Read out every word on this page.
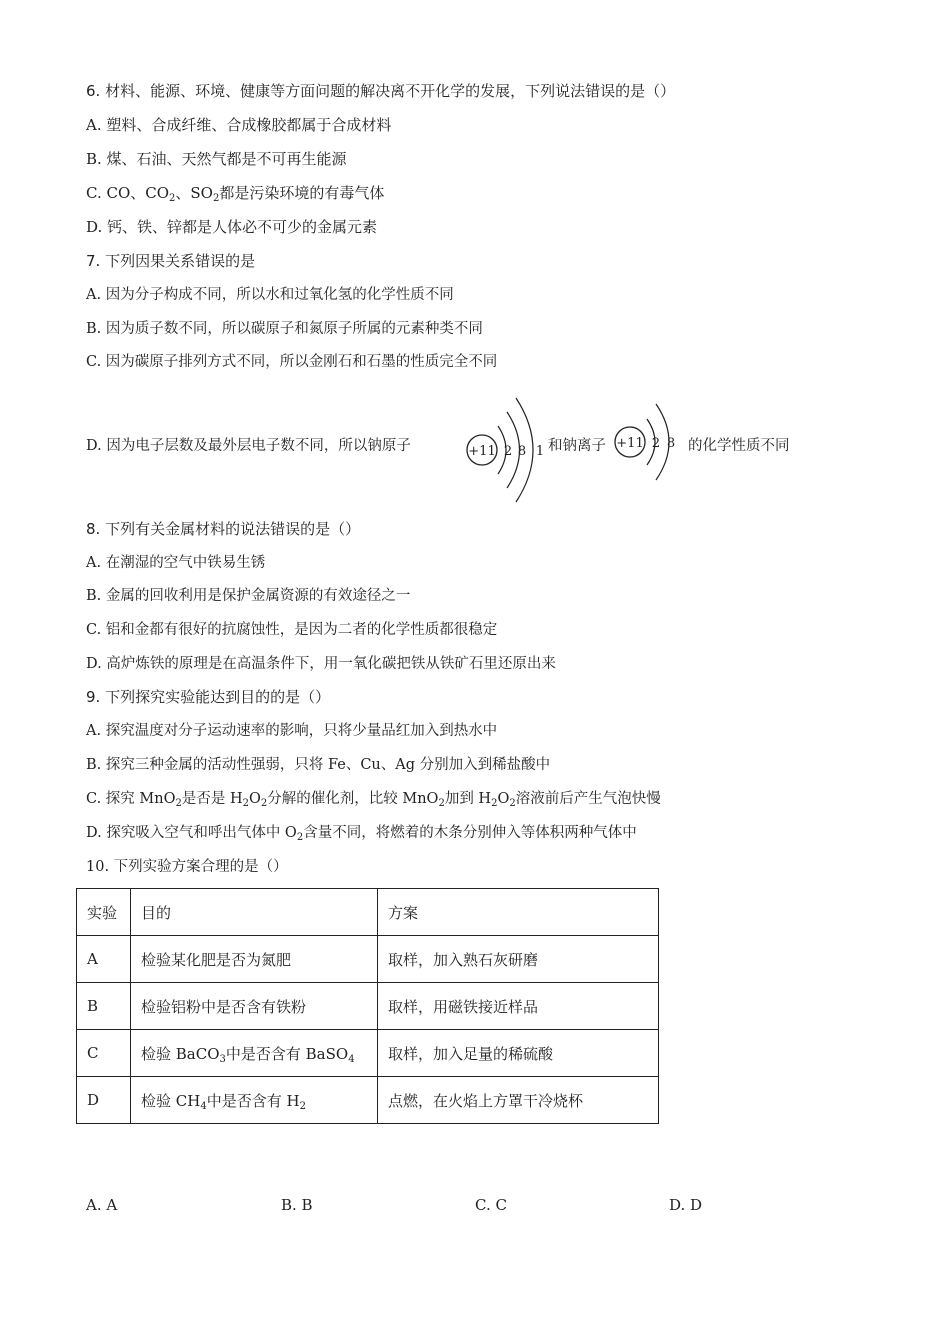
6. 材料、能源、环境、健康等方面问题的解决离不开化学的发展，下列说法错误的是（）
A. 塑料、合成纤维、合成橡胶都属于合成材料
B. 煤、石油、天然气都是不可再生能源
C. CO、$CO_2$、$SO_2$都是污染环境的有毒气体
D. 钙、铁、锌都是人体必不可少的金属元素
7. 下列因果关系错误的是
A. 因为分子构成不同，所以水和过氧化氢的化学性质不同
B. 因为质子数不同，所以碳原子和氮原子所属的元素种类不同
C. 因为碳原子排列方式不同，所以金刚石和石墨的性质完全不同
D. 因为电子层数及最外层电子数不同，所以钠原子	+11 2 8 1 和钠离子 +11 2 8 的化学性质不同
8. 下列有关金属材料的说法错误的是（）
A. 在潮湿的空气中铁易生锈
B. 金属的回收利用是保护金属资源的有效途径之一
C. 铝和金都有很好的抗腐蚀性，是因为二者的化学性质都很稳定
D. 高炉炼铁的原理是在高温条件下，用一氧化碳把铁从铁矿石里还原出来
9. 下列探究实验能达到目的的是（）
A. 探究温度对分子运动速率的影响，只将少量品红加入到热水中
B. 探究三种金属的活动性强弱，只将 Fe、Cu、Ag 分别加入到稀盐酸中
C. 探究 MnO$_2$是否是 $H_2O_2$分解的催化剂，比较 MnO$_2$加到 $H_2O_2$溶液前后产生气泡快慢
D. 探究吸入空气和呼出气体中 $O_2$含量不同，将燃着的木条分别伸入等体积两种气体中
10. 下列实验方案合理的是（）
实验	目的	方案
A	检验某化肥是否为氮肥	取样，加入熟石灰研磨
B	检验铝粉中是否含有铁粉	取样，用磁铁接近样品
C	检验 BaCO$_3$中是否含有 BaSO$_4$	取样，加入足量的稀硫酸
D	检验 $CH_4$中是否含有 $H_2$	点燃，在火焰上方罩干冷烧杯
A. A	B. B	C. C	D. D
